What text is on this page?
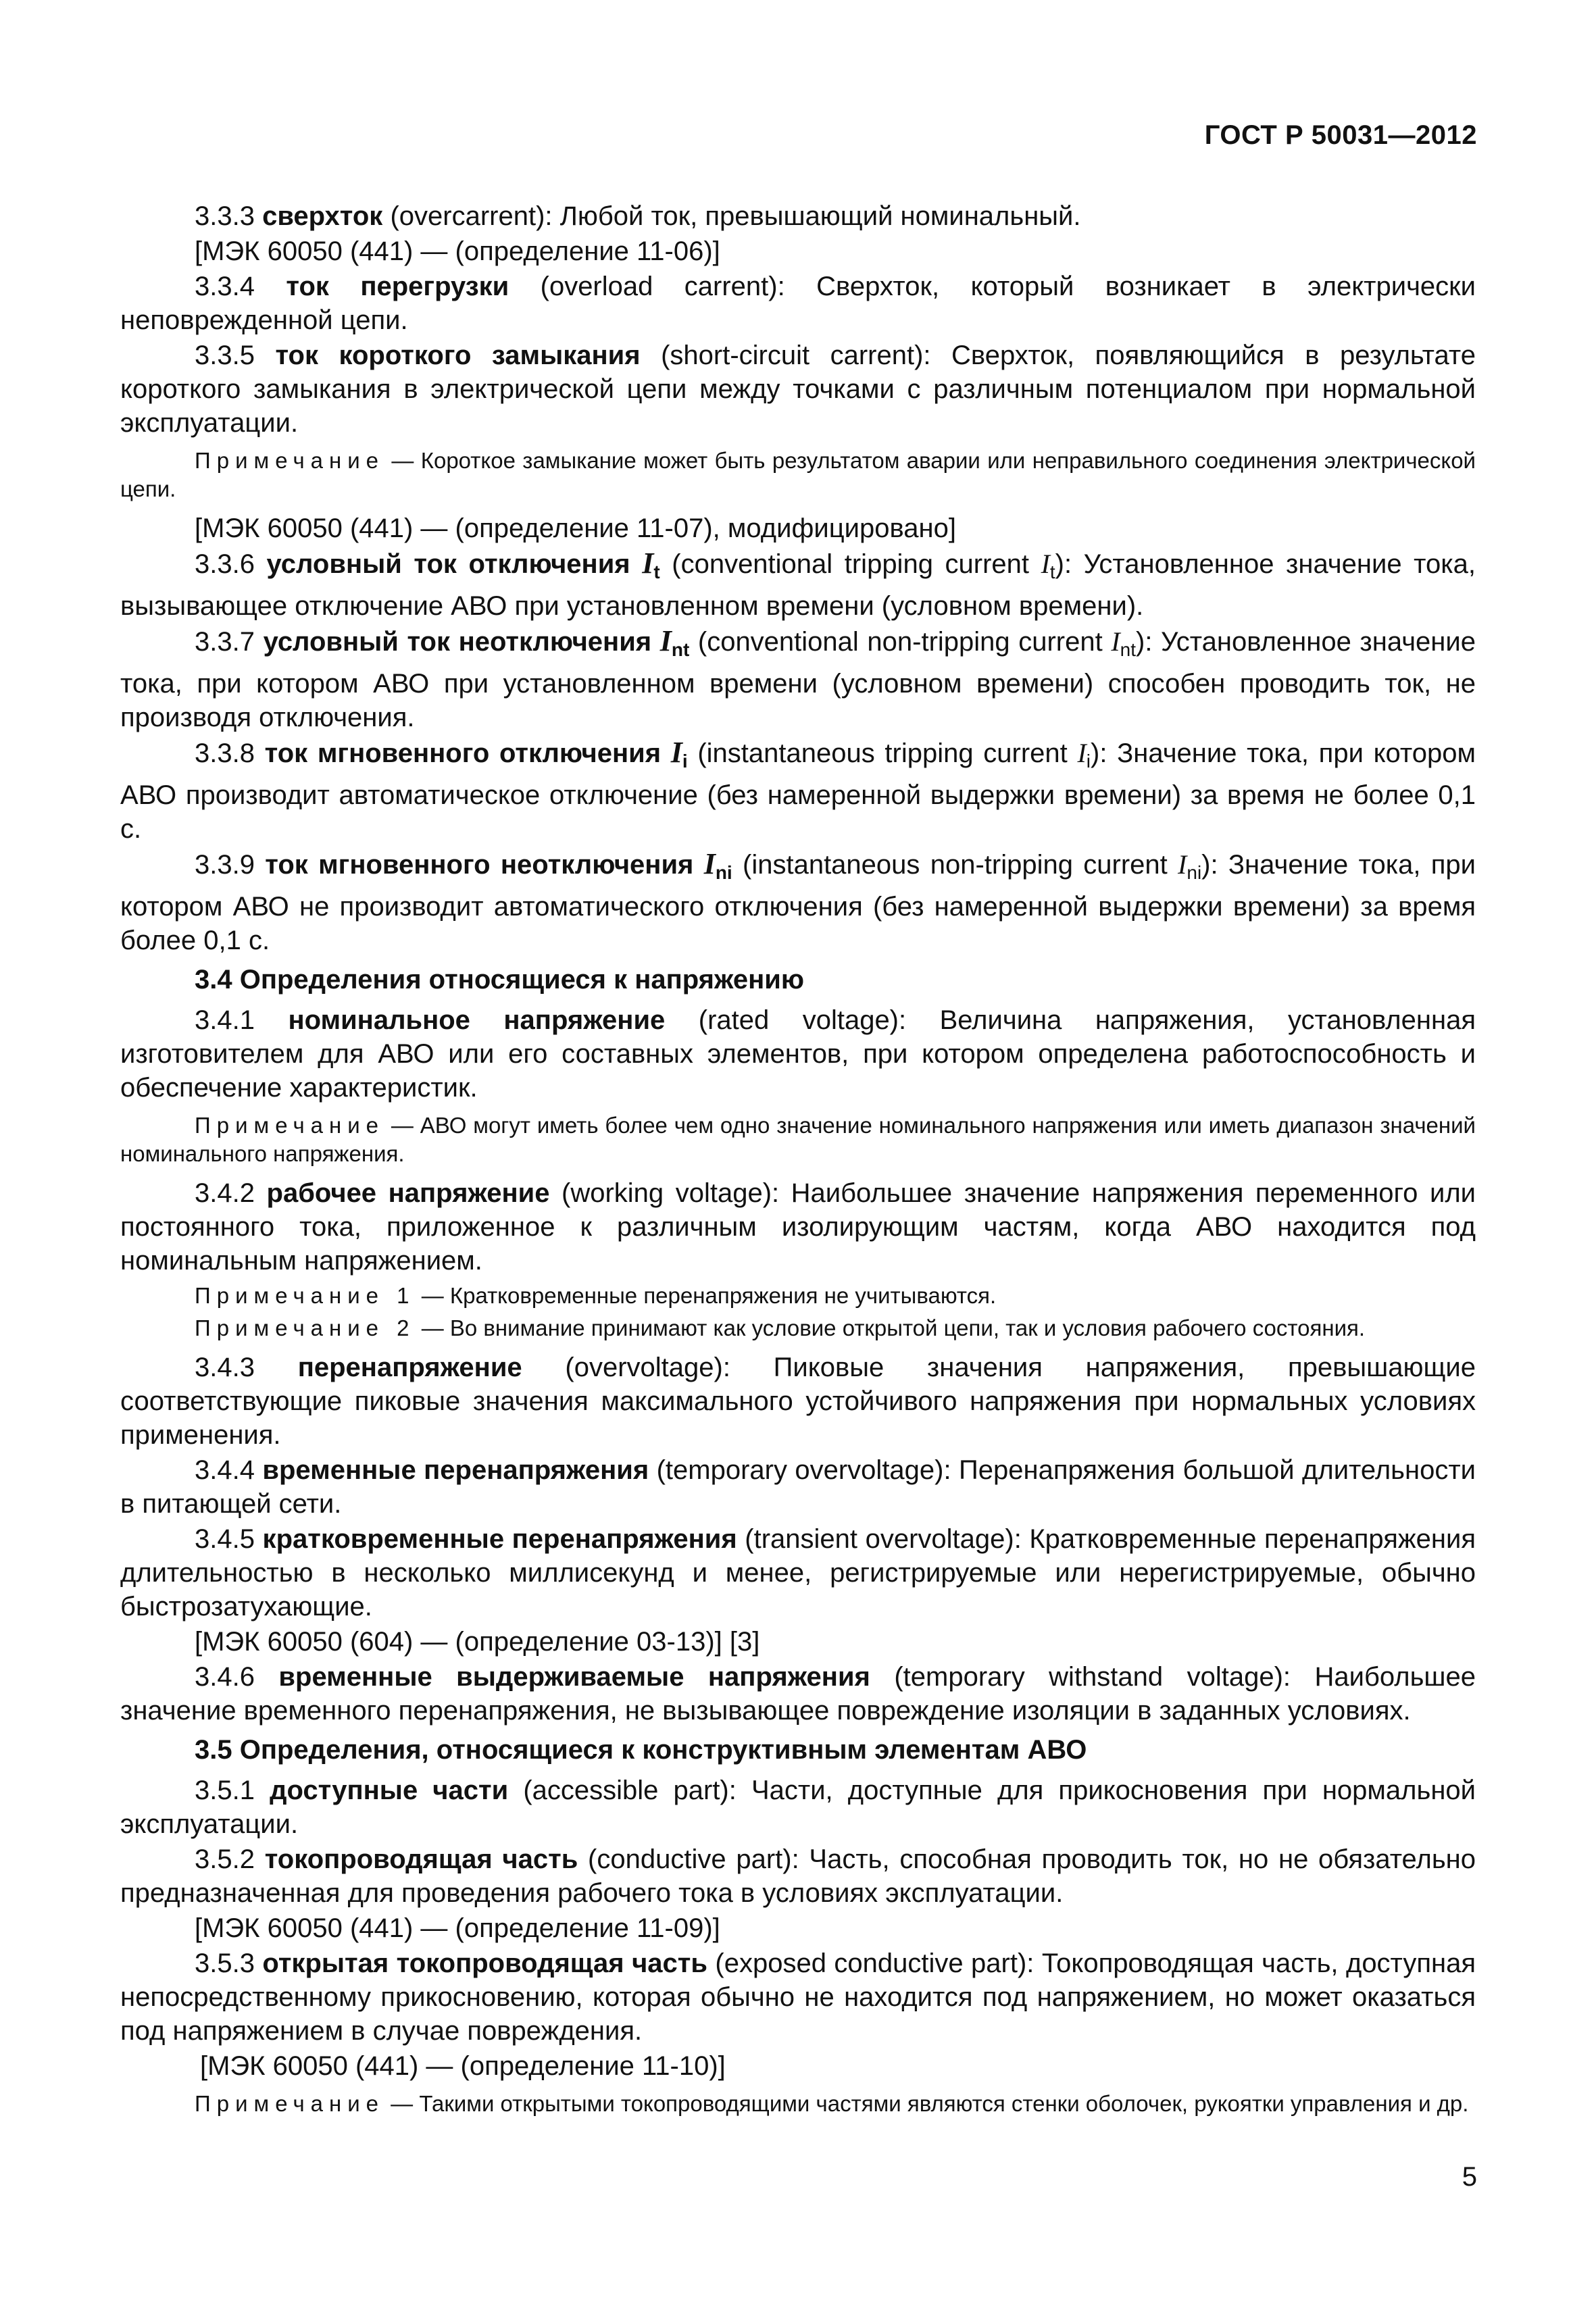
ГОСТ Р 50031—2012

3.3.3 сверхток (overcarrent): Любой ток, превышающий номинальный.

[МЭК 60050 (441) — (определение 11-06)]

3.3.4 ток перегрузки (overload carrent): Сверхток, который возникает в электрически неповрежденной цепи.

3.3.5 ток короткого замыкания (short-circuit carrent): Сверхток, появляющийся в результате короткого замыкания в электрической цепи между точками с различным потенциалом при нормальной эксплуатации.

Примечание — Короткое замыкание может быть результатом аварии или неправильного соединения электрической цепи.

[МЭК 60050 (441) — (определение 11-07), модифицировано]

3.3.6 условный ток отключения $I_t$ (conventional tripping current $I_t$): Установленное значение тока, вызывающее отключение АВО при установленном времени (условном времени).

3.3.7 условный ток неотключения $I_{nt}$ (conventional non-tripping current $I_{nt}$): Установленное значение тока, при котором АВО при установленном времени (условном времени) способен проводить ток, не производя отключения.

3.3.8 ток мгновенного отключения $I_i$ (instantaneous tripping current $I_i$): Значение тока, при котором АВО производит автоматическое отключение (без намеренной выдержки времени) за время не более 0,1 с.

3.3.9 ток мгновенного неотключения $I_{ni}$ (instantaneous non-tripping current $I_{ni}$): Значение тока, при котором АВО не производит автоматического отключения (без намеренной выдержки времени) за время более 0,1 с.

3.4 Определения относящиеся к напряжению

3.4.1 номинальное напряжение (rated voltage): Величина напряжения, установленная изготовителем для АВО или его составных элементов, при котором определена работоспособность и обеспечение характеристик.

Примечание — АВО могут иметь более чем одно значение номинального напряжения или иметь диапазон значений номинального напряжения.

3.4.2 рабочее напряжение (working voltage): Наибольшее значение напряжения переменного или постоянного тока, приложенное к различным изолирующим частям, когда АВО находится под номинальным напряжением.

Примечание 1 — Кратковременные перенапряжения не учитываются.

Примечание 2 — Во внимание принимают как условие открытой цепи, так и условия рабочего состояния.

3.4.3 перенапряжение (overvoltage): Пиковые значения напряжения, превышающие соответствующие пиковые значения максимального устойчивого напряжения при нормальных условиях применения.

3.4.4 временные перенапряжения (temporary overvoltage): Перенапряжения большой длительности в питающей сети.

3.4.5 кратковременные перенапряжения (transient overvoltage): Кратковременные перенапряжения длительностью в несколько миллисекунд и менее, регистрируемые или нерегистрируемые, обычно быстрозатухающие.

[МЭК 60050 (604) — (определение 03-13)] [3]

3.4.6 временные выдерживаемые напряжения (temporary withstand voltage): Наибольшее значение временного перенапряжения, не вызывающее повреждение изоляции в заданных условиях.

3.5 Определения, относящиеся к конструктивным элементам АВО

3.5.1 доступные части (accessible part): Части, доступные для прикосновения при нормальной эксплуатации.

3.5.2 токопроводящая часть (conductive part): Часть, способная проводить ток, но не обязательно предназначенная для проведения рабочего тока в условиях эксплуатации.

[МЭК 60050 (441) — (определение 11-09)]

3.5.3 открытая токопроводящая часть (exposed conductive part): Токопроводящая часть, доступная непосредственному прикосновению, которая обычно не находится под напряжением, но может оказаться под напряжением в случае повреждения.

[МЭК 60050 (441) — (определение 11-10)]

Примечание — Такими открытыми токопроводящими частями являются стенки оболочек, рукоятки управления и др.

5
